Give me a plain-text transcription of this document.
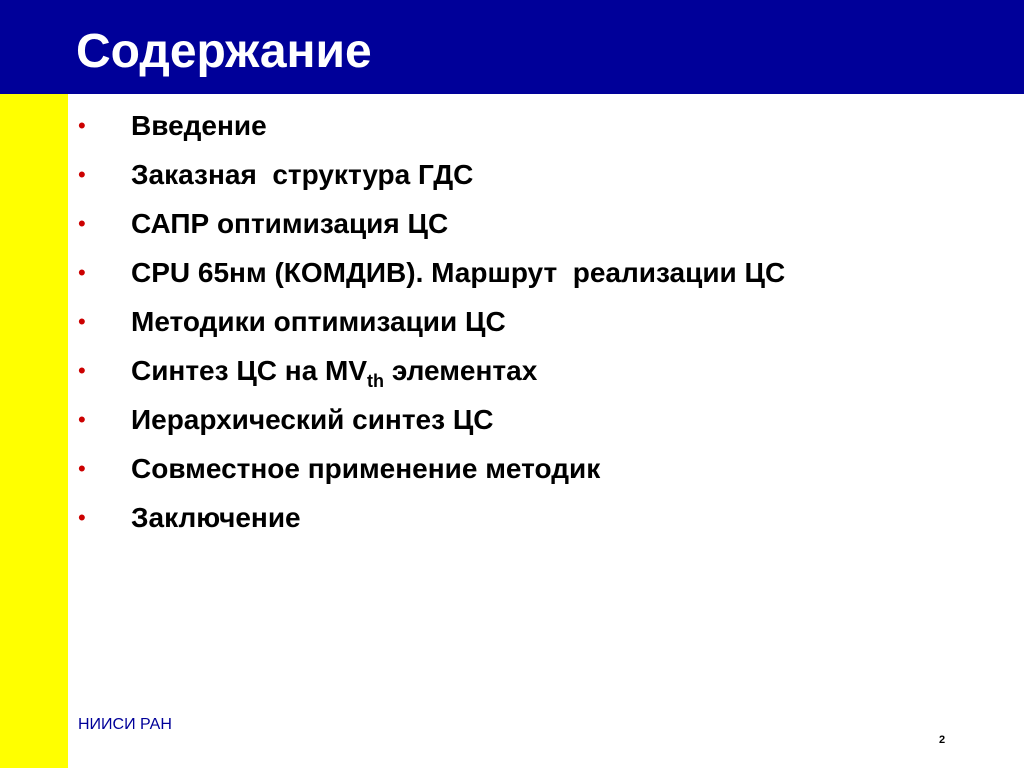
Содержание
• Введение
• Заказная  структура ГДС
• САПР оптимизация ЦС
• CPU 65нм (КОМДИВ). Маршрут  реализации ЦС
• Методики оптимизации ЦС
• Синтез ЦС на $MV_{th}$ элементах
• Иерархический синтез ЦС
• Совместное применение методик
• Заключение
НИИСИ РАН
2
